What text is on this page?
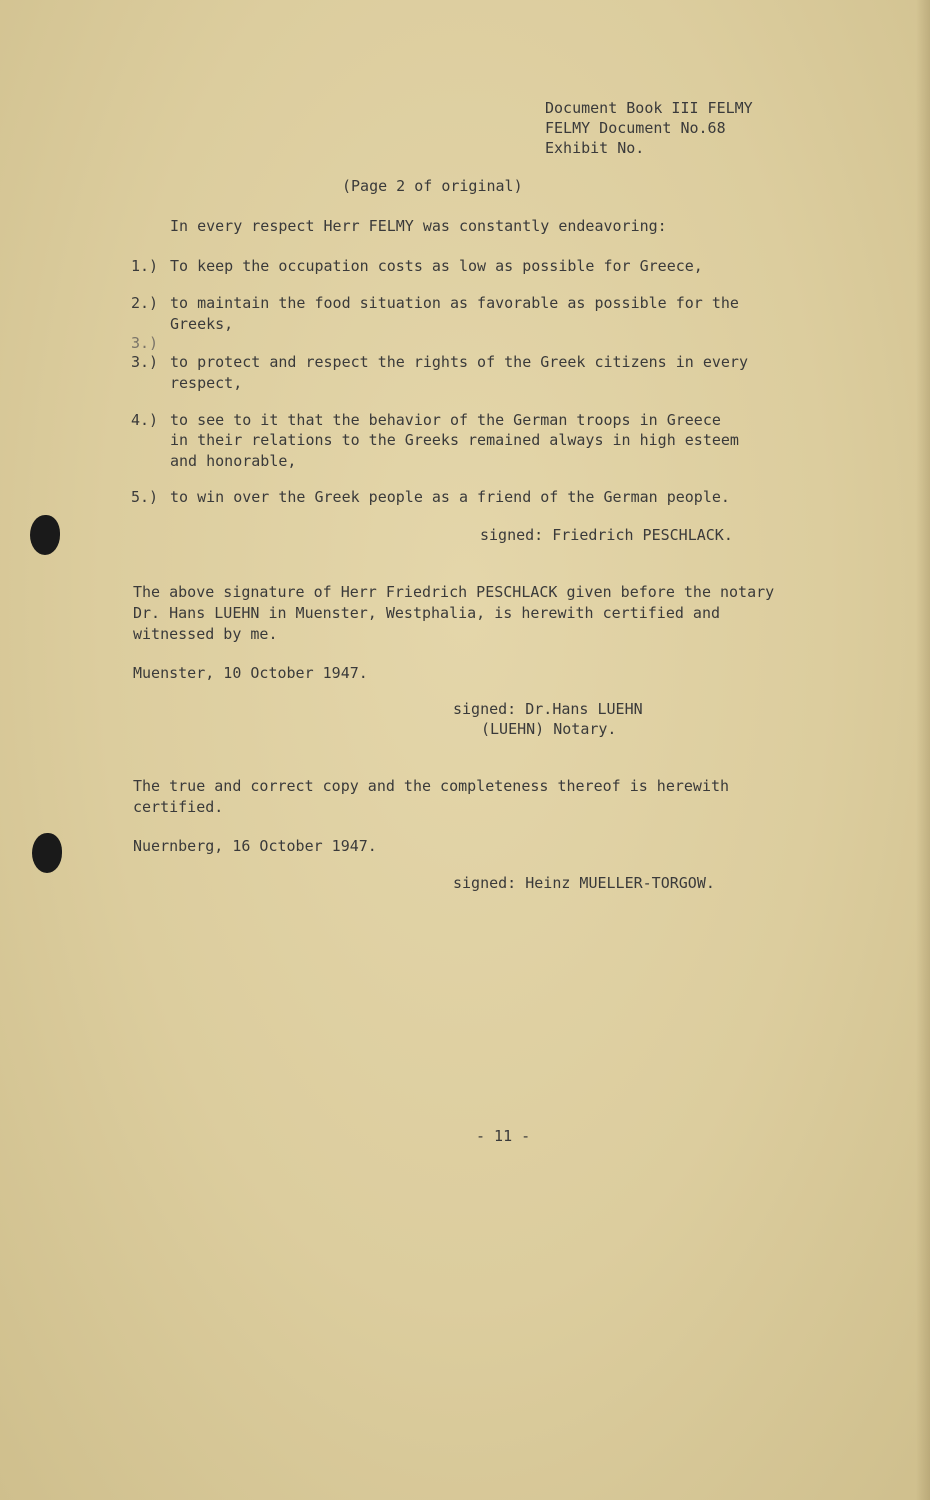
Document Book III FELMY
FELMY Document No.68
Exhibit No.
(Page 2 of original)
In every respect Herr FELMY was constantly endeavoring:
1.) To keep the occupation costs as low as possible for Greece,
2.) to maintain the food situation as favorable as possible for the
Greeks,
3.)
3.) to protect and respect the rights of the Greek citizens in every
respect,
4.) to see to it that the behavior of the German troops in Greece
in their relations to the Greeks remained always in high esteem
and honorable,
5.) to win over the Greek people as a friend of the German people.
signed: Friedrich PESCHLACK.
The above signature of Herr Friedrich PESCHLACK given before the notary
Dr. Hans LUEHN in Muenster, Westphalia, is herewith certified and
witnessed by me.
Muenster, 10 October 1947.
signed: Dr.Hans LUEHN
(LUEHN) Notary.
The true and correct copy and the completeness thereof is herewith
certified.
Nuernberg, 16 October 1947.
signed: Heinz MUELLER-TORGOW.
- 11 -
